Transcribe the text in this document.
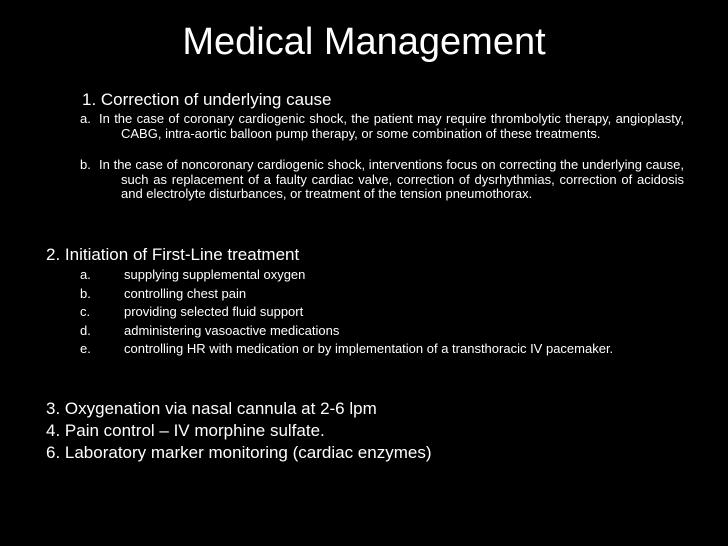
Medical Management
1. Correction of underlying cause
a. In the case of coronary cardiogenic shock, the patient may require thrombolytic therapy, angioplasty, CABG, intra-aortic balloon pump therapy, or some combination of these treatments.
b. In the case of noncoronary cardiogenic shock, interventions focus on correcting the underlying cause, such as replacement of a faulty cardiac valve, correction of dysrhythmias, correction of acidosis and electrolyte disturbances, or treatment of the tension pneumothorax.
2. Initiation of First-Line treatment
a.	supplying supplemental oxygen
b.	controlling chest pain
c.	providing selected fluid support
d.	administering vasoactive medications
e.	controlling HR with medication or by implementation of a transthoracic IV pacemaker.
3. Oxygenation via nasal cannula at 2-6 lpm
4. Pain control – IV morphine sulfate.
6. Laboratory marker monitoring (cardiac enzymes)
